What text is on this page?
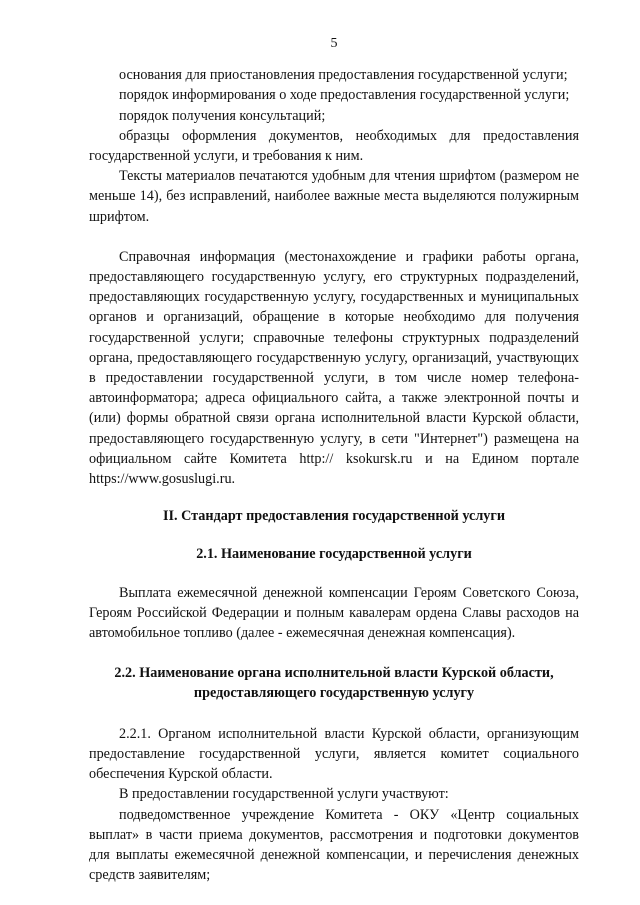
5

основания для приостановления предоставления государственной услуги;

порядок информирования о ходе предоставления государственной услуги;

порядок получения консультаций;

образцы оформления документов, необходимых для предоставления государственной услуги, и требования к ним.

Тексты материалов печатаются удобным для чтения шрифтом (размером не меньше 14), без исправлений, наиболее важные места выделяются полужирным шрифтом.

Справочная информация (местонахождение и графики работы органа, предоставляющего государственную услугу, его структурных подразделений, предоставляющих государственную услугу, государственных и муниципальных органов и организаций, обращение в которые необходимо для получения государственной услуги; справочные телефоны структурных подразделений органа, предоставляющего государственную услугу, организаций, участвующих в предоставлении государственной услуги, в том числе номер телефона-автоинформатора; адреса официального сайта, а также электронной почты и (или) формы обратной связи органа исполнительной власти Курской области, предоставляющего государственную услугу, в сети "Интернет") размещена на официальном сайте Комитета http:// ksokursk.ru и на Едином портале https://www.gosuslugi.ru.

II. Стандарт предоставления государственной услуги
2.1. Наименование государственной услуги

Выплата ежемесячной денежной компенсации Героям Советского Союза, Героям Российской Федерации и полным кавалерам ордена Славы расходов на автомобильное топливо (далее - ежемесячная денежная компенсация).

2.2. Наименование органа исполнительной власти Курской области, предоставляющего государственную услугу

2.2.1. Органом исполнительной власти Курской области, организующим предоставление государственной услуги, является комитет социального обеспечения Курской области.

В предоставлении государственной услуги участвуют:

подведомственное учреждение Комитета - ОКУ «Центр социальных выплат» в части приема документов, рассмотрения и подготовки документов для выплаты ежемесячной денежной компенсации, и перечисления денежных средств заявителям;
